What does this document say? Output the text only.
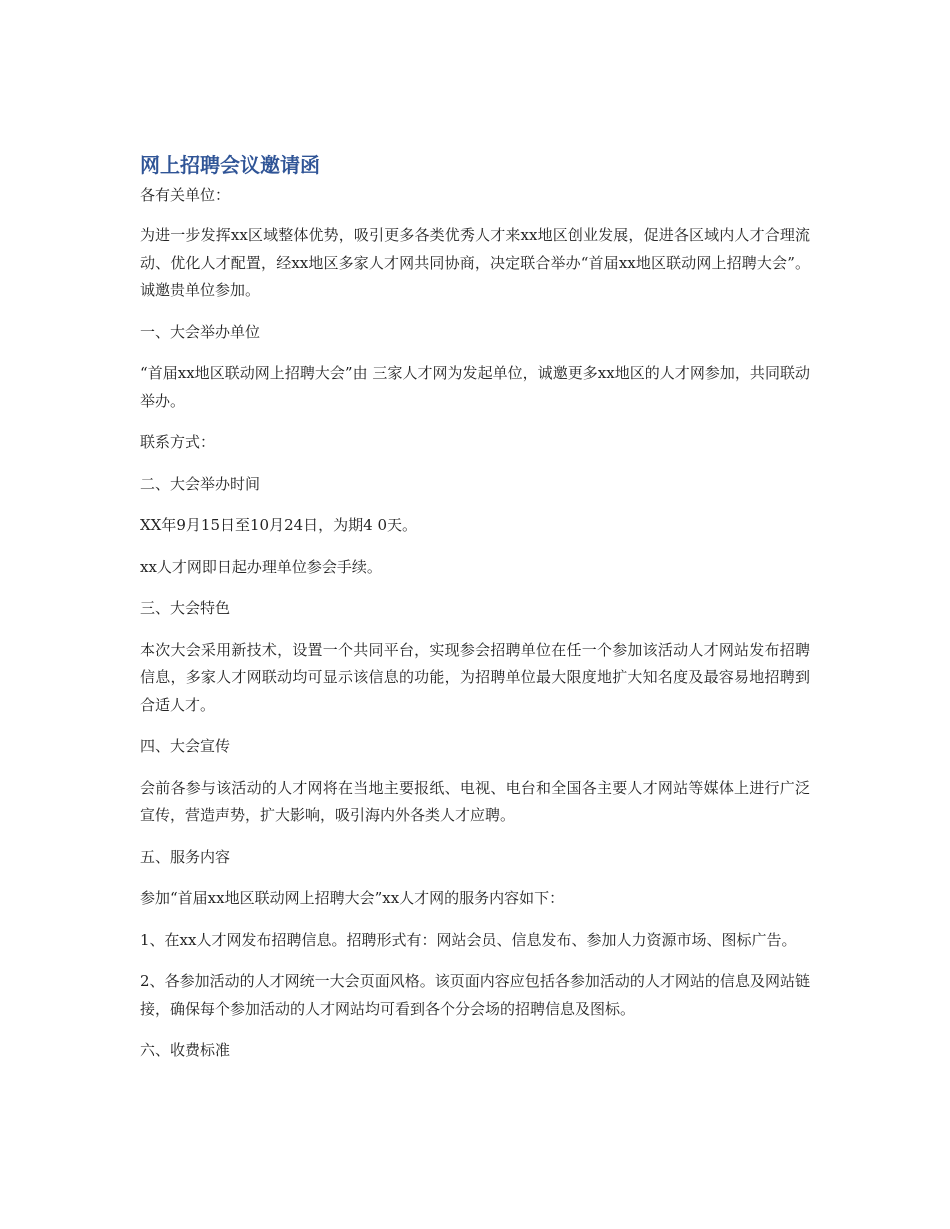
网上招聘会议邀请函

各有关单位：

为进一步发挥xx区域整体优势，吸引更多各类优秀人才来xx地区创业发展，促进各区域内人才合理流动、优化人才配置，经xx地区多家人才网共同协商，决定联合举办“首届xx地区联动网上招聘大会”。诚邀贵单位参加。

一、大会举办单位

“首届xx地区联动网上招聘大会”由 三家人才网为发起单位，诚邀更多xx地区的人才网参加，共同联动举办。

联系方式：

二、大会举办时间

XX年9月15日至10月24日，为期4 0天。

xx人才网即日起办理单位参会手续。

三、大会特色

本次大会采用新技术，设置一个共同平台，实现参会招聘单位在任一个参加该活动人才网站发布招聘信息，多家人才网联动均可显示该信息的功能，为招聘单位最大限度地扩大知名度及最容易地招聘到合适人才。

四、大会宣传

会前各参与该活动的人才网将在当地主要报纸、电视、电台和全国各主要人才网站等媒体上进行广泛宣传，营造声势，扩大影响，吸引海内外各类人才应聘。

五、服务内容

参加“首届xx地区联动网上招聘大会”xx人才网的服务内容如下：

1、在xx人才网发布招聘信息。招聘形式有：网站会员、信息发布、参加人力资源市场、图标广告。

2、各参加活动的人才网统一大会页面风格。该页面内容应包括各参加活动的人才网站的信息及网站链接，确保每个参加活动的人才网站均可看到各个分会场的招聘信息及图标。

六、收费标准
